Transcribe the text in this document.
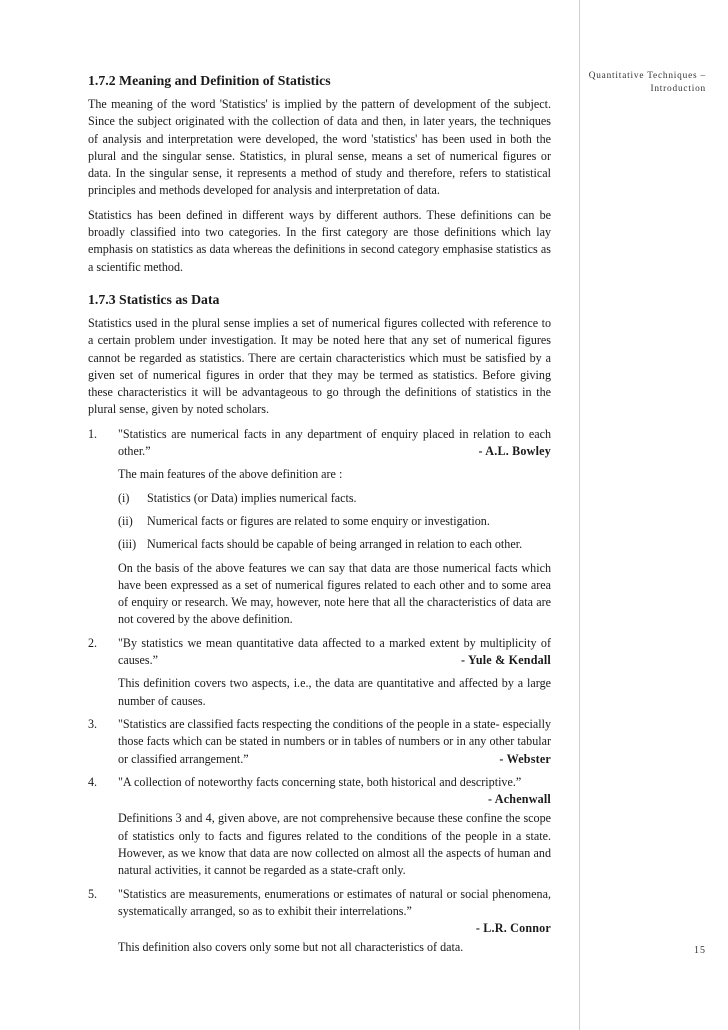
Quantitative Techniques –
Introduction
1.7.2 Meaning and Definition of Statistics

The meaning of the word 'Statistics' is implied by the pattern of development of the subject. Since the subject originated with the collection of data and then, in later years, the techniques of analysis and interpretation were developed, the word 'statistics' has been used in both the plural and the singular sense. Statistics, in plural sense, means a set of numerical figures or data. In the singular sense, it represents a method of study and therefore, refers to statistical principles and methods developed for analysis and interpretation of data.

Statistics has been defined in different ways by different authors. These definitions can be broadly classified into two categories. In the first category are those definitions which lay emphasis on statistics as data whereas the definitions in second category emphasise statistics as a scientific method.

1.7.3 Statistics as Data

Statistics used in the plural sense implies a set of numerical figures collected with reference to a certain problem under investigation. It may be noted here that any set of numerical figures cannot be regarded as statistics. There are certain characteristics which must be satisfied by a given set of numerical figures in order that they may be termed as statistics. Before giving these characteristics it will be advantageous to go through the definitions of statistics in the plural sense, given by noted scholars.

1. "Statistics are numerical facts in any department of enquiry placed in relation to each other.”	- A.L. Bowley
The main features of the above definition are :
(i) Statistics (or Data) implies numerical facts.
(ii) Numerical facts or figures are related to some enquiry or investigation.
(iii) Numerical facts should be capable of being arranged in relation to each other.
On the basis of the above features we can say that data are those numerical facts which have been expressed as a set of numerical figures related to each other and to some area of enquiry or research. We may, however, note here that all the characteristics of data are not covered by the above definition.
2. "By statistics we mean quantitative data affected to a marked extent by multiplicity of causes.”	- Yule & Kendall
This definition covers two aspects, i.e., the data are quantitative and affected by a large number of causes.
3. "Statistics are classified facts respecting the conditions of the people in a state- especially those facts which can be stated in numbers or in tables of numbers or in any other tabular or classified arrangement.”	- Webster
4. "A collection of noteworthy facts concerning state, both historical and descriptive.”
- Achenwall
Definitions 3 and 4, given above, are not comprehensive because these confine the scope of statistics only to facts and figures related to the conditions of the people in a state. However, as we know that data are now collected on almost all the aspects of human and natural activities, it cannot be regarded as a state-craft only.
5. "Statistics are measurements, enumerations or estimates of natural or social phenomena, systematically arranged, so as to exhibit their interrelations.”
- L.R. Connor
This definition also covers only some but not all characteristics of data.	15
